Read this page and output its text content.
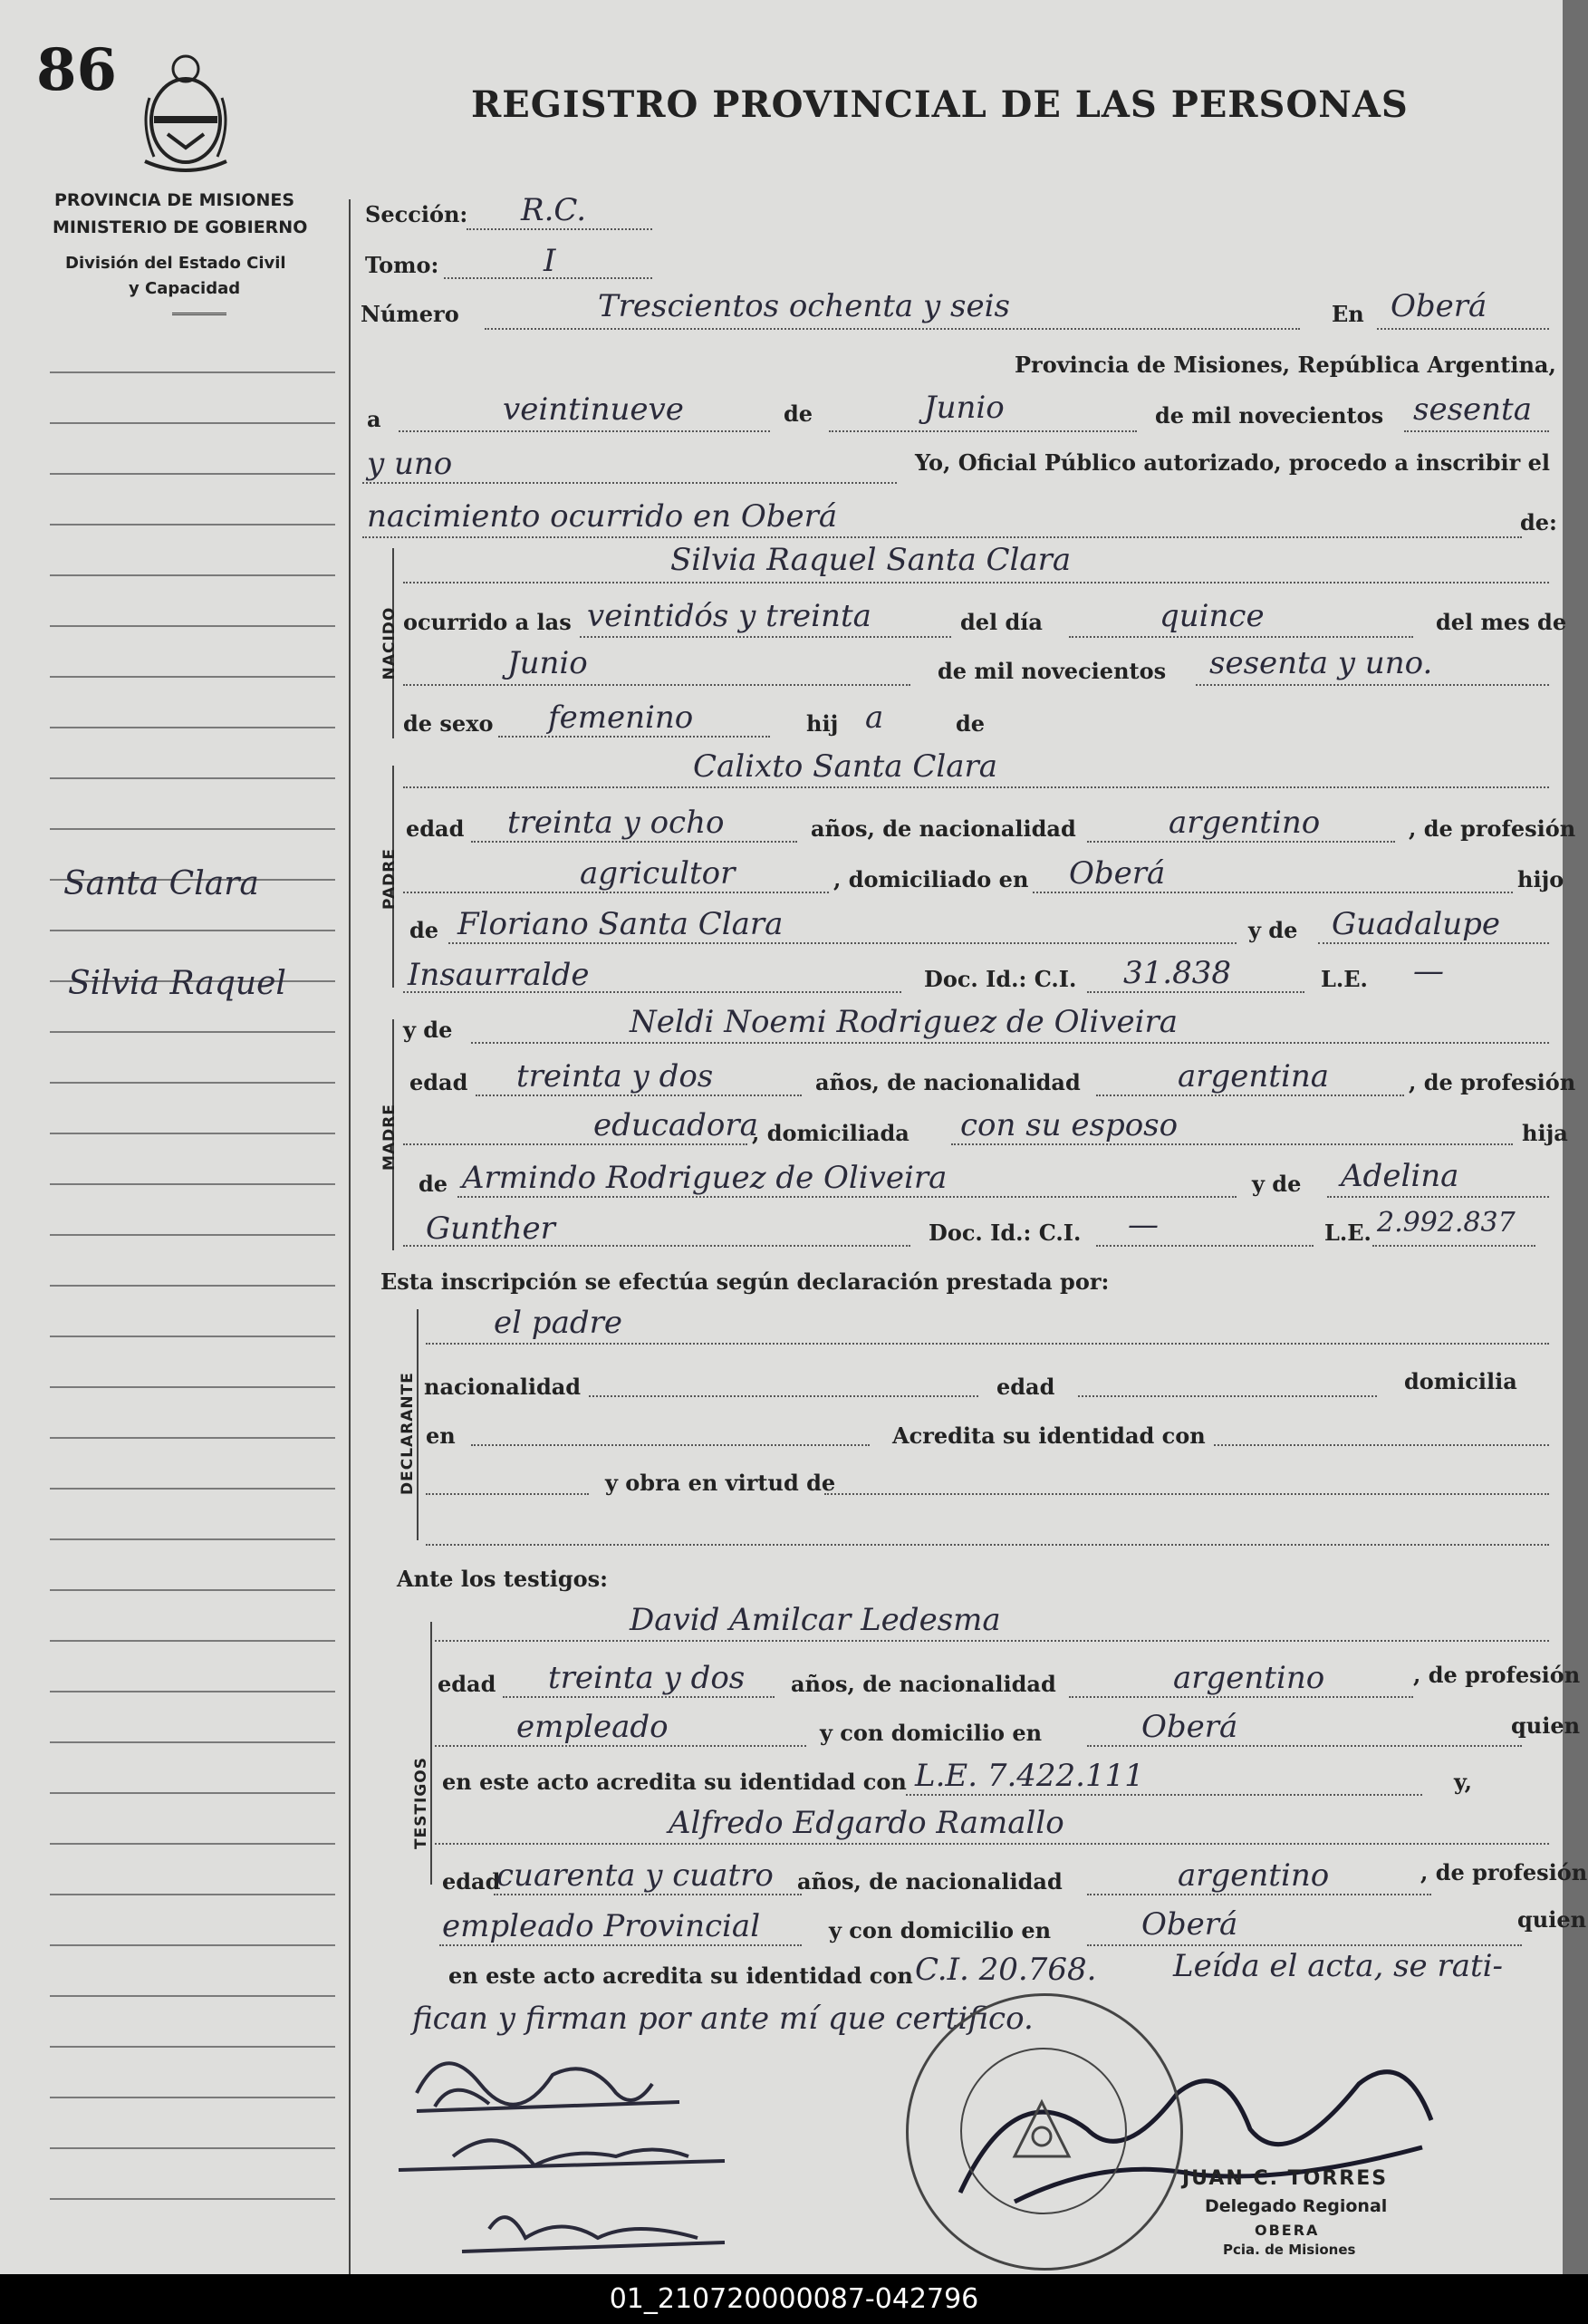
86
REGISTRO PROVINCIAL DE LAS PERSONAS
PROVINCIA DE MISIONES
MINISTERIO DE GOBIERNO
División del Estado Civil
y Capacidad
Santa Clara
Silvia Raquel
NACIDO
PADRE
MADRE
DECLARANTE
TESTIGOS
Sección: R.C.
Tomo:	I
Número	Trescientos ochenta y seis	En Oberá
Provincia de Misiones, República Argentina,
a	veintinueve	de	Junio	de mil novecientos sesenta
y uno	Yo, Oficial Público autorizado, procedo a inscribir el
nacimiento ocurrido en Oberá	de:
Silvia Raquel Santa Clara
ocurrido a las veintidós y treinta	del día	quince	del mes de
Junio	de mil novecientos sesenta y uno.
de sexo femenino	hij a	de
Calixto Santa Clara
edad treinta y ocho	años, de nacionalidad	argentino	, de profesión
agricultor	, domiciliado en Oberá	hijo
de Floriano Santa Clara	y de Guadalupe
Insaurralde	Doc. Id.: C.I. 31.838	L.E. —
y de	Neldi Noemi Rodriguez de Oliveira
edad treinta y dos	años, de nacionalidad	argentina	, de profesión
educadora
, domiciliada con su esposo	hija
de Armindo Rodriguez de Oliveira	y de Adelina
Gunther	Doc. Id.: C.I. —	L.E. 2.992.837
Esta inscripción se efectúa según declaración prestada por:
el padre
nacionalidad	edad	domicilia
en	Acredita su identidad con
y obra en virtud de
Ante los testigos:
David Amilcar Ledesma
edad treinta y dos años, de nacionalidad	argentino	, de profesión
empleado	y con domicilio en	Oberá	quien
en este acto acredita su identidad con L.E. 7.422.111	y,
Alfredo Edgardo Ramallo
edad
cuarenta y cuatro años, de nacionalidad	argentino	, de profesión
empleado Provincial	y con domicilio en	Oberá	quien
en este acto acredita su identidad con C.I. 20.768. Leída el acta, se rati-
fican y firman por ante mí que certifico.
JUAN C. TORRES
Delegado Regional
OBERA
Pcia. de Misiones
01_210720000087-042796
